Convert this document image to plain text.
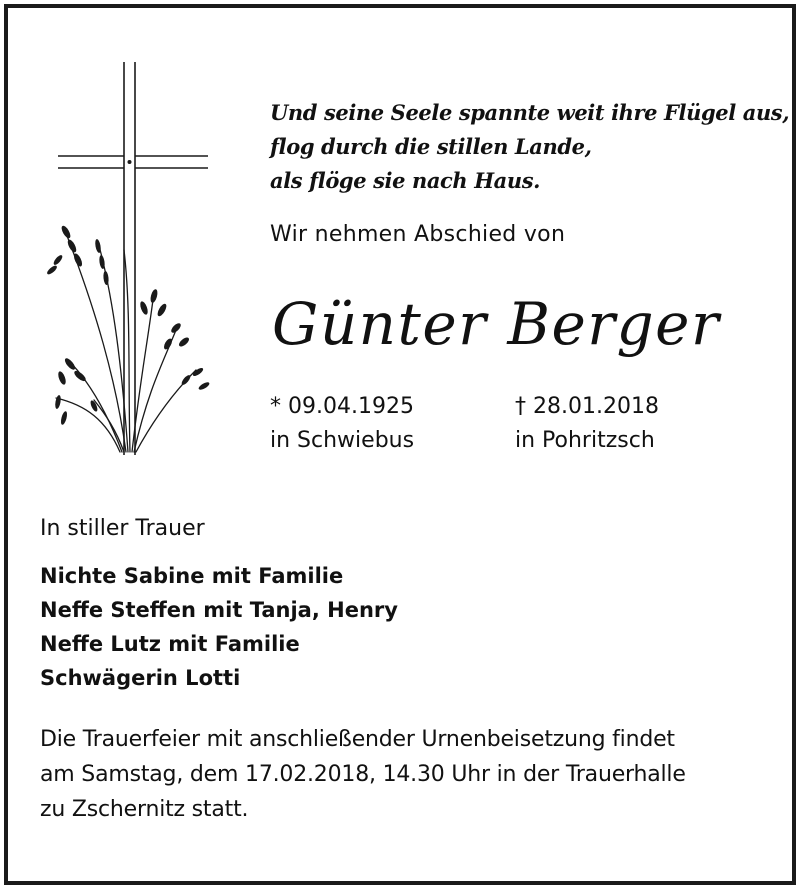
Und seine Seele spannte weit ihre Flügel aus,
flog durch die stillen Lande,
als flöge sie nach Haus.
Wir nehmen Abschied von
Günter Berger
* 09.04.1925
in Schwiebus
† 28.01.2018
in Pohritzsch
In stiller Trauer
Nichte Sabine mit Familie
Neffe Steffen mit Tanja, Henry
Neffe Lutz mit Familie
Schwägerin Lotti
Die Trauerfeier mit anschließender Urnenbeisetzung findet
am Samstag, dem 17.02.2018, 14.30 Uhr in der Trauerhalle
zu Zschernitz statt.
